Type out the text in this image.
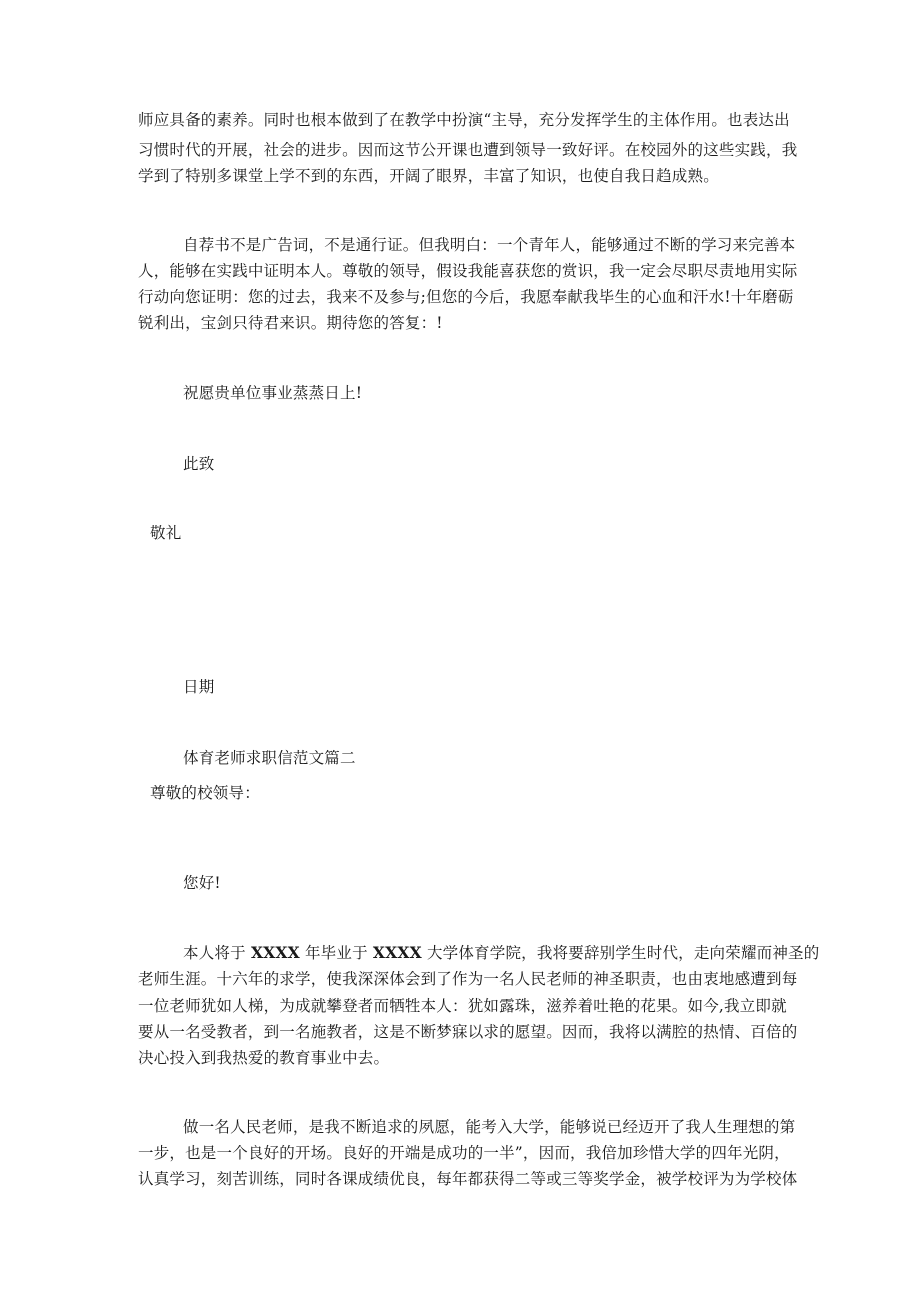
师应具备的素养。同时也根本做到了在教学中扮演“主导，充分发挥学生的主体作用。也表达出
习惯时代的开展，社会的进步。因而这节公开课也遭到领导一致好评。在校园外的这些实践，我
学到了特别多课堂上学不到的东西，开阔了眼界，丰富了知识，也使自我日趋成熟。
自荐书不是广告词，不是通行证。但我明白：一个青年人，能够通过不断的学习来完善本
人，能够在实践中证明本人。尊敬的领导，假设我能喜获您的赏识，我一定会尽职尽责地用实际
行动向您证明：您的过去，我来不及参与;但您的今后，我愿奉献我毕生的心血和汗水!十年磨砺
锐利出，宝剑只待君来识。期待您的答复：!
祝愿贵单位事业蒸蒸日上!
此致
敬礼
日期
体育老师求职信范文篇二
尊敬的校领导：
您好!
本人将于 XXXX 年毕业于 XXXX 大学体育学院，我将要辞别学生时代，走向荣耀而神圣的
老师生涯。十六年的求学，使我深深体会到了作为一名人民老师的神圣职责，也由衷地感遭到每
一位老师犹如人梯，为成就攀登者而牺牲本人：犹如露珠，滋养着吐艳的花果。如今,我立即就
要从一名受教者，到一名施教者，这是不断梦寐以求的愿望。因而，我将以满腔的热情、百倍的
决心投入到我热爱的教育事业中去。
做一名人民老师，是我不断追求的夙愿，能考入大学，能够说已经迈开了我人生理想的第
一步，也是一个良好的开场。良好的开端是成功的一半”，因而，我倍加珍惜大学的四年光阴，
认真学习，刻苦训练，同时各课成绩优良，每年都获得二等或三等奖学金，被学校评为为学校体
